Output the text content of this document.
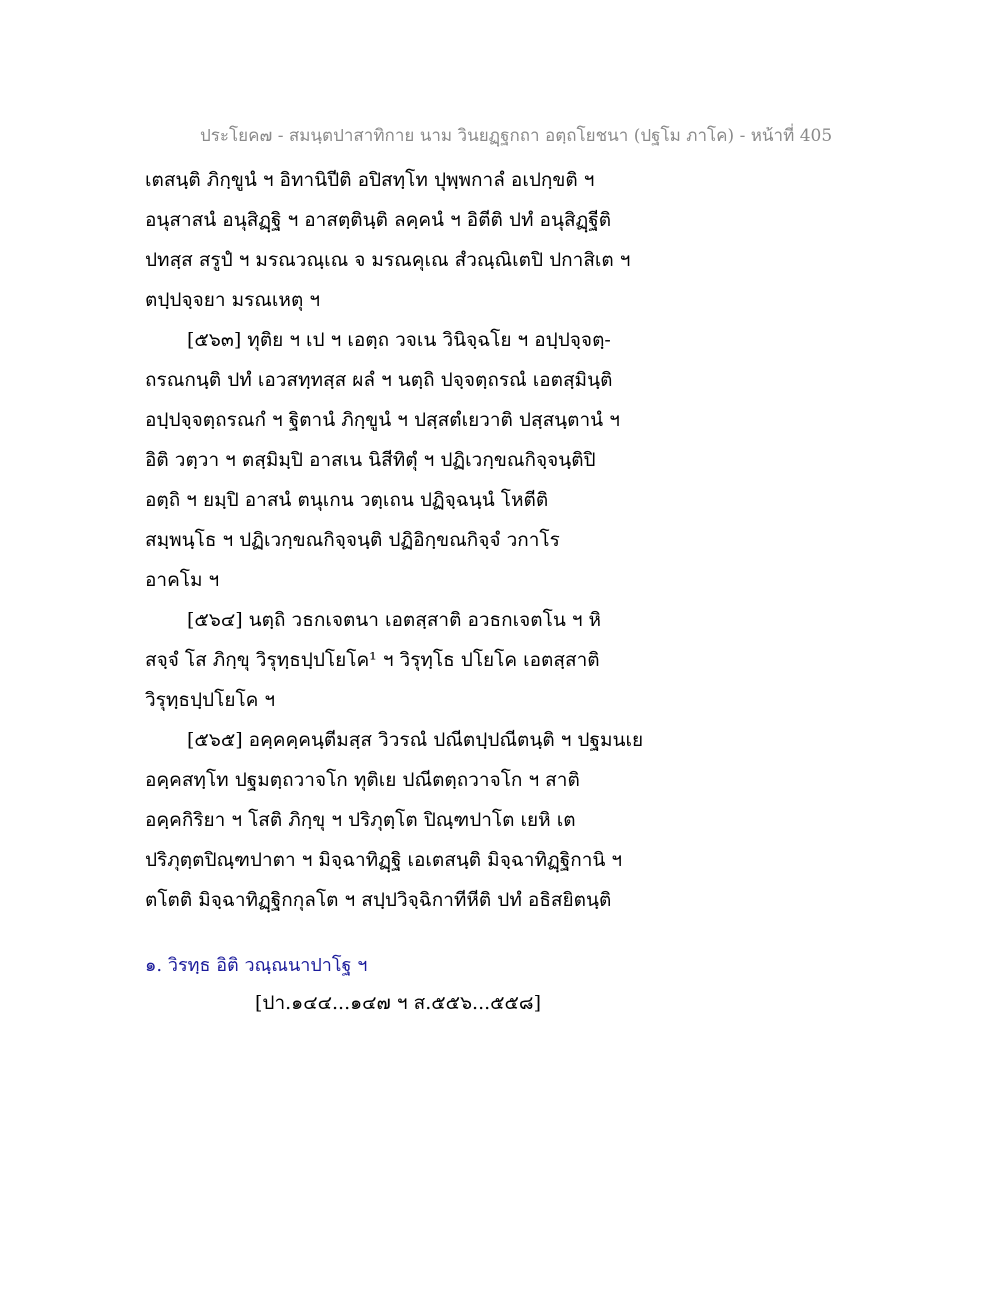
ประโยค๗ - สมนฺตปาสาทิกาย นาม วินยฏฺฐกถา อตฺถโยชนา (ปฐโม ภาโค) - หน้าที่ 405
เตสนฺติ ภิกฺขูนํ ฯ อิทานิปีติ อปิสทฺโท ปุพฺพกาลํ อเปกฺขติ ฯ
อนุสาสนํ อนุสิฏฺฐิ ฯ อาสตฺตินฺติ ลคฺคนํ ฯ อิตีติ ปทํ อนุสิฏฺฐีติ
ปทสฺส สรูปํ ฯ มรณวณฺเณ จ มรณคุเณ สํวณฺณิเตปิ ปกาสิเต ฯ
ตปฺปจฺจยา มรณเหตุ ฯ
[๕๖๓] ทุติย ฯ เป ฯ เอตฺถ วจเน วินิจฺฉโย ฯ อปฺปจฺจตฺ-
ถรณกนฺติ ปทํ เอวสทฺทสฺส ผลํ ฯ นตฺถิ ปจฺจตฺถรณํ เอตสฺมินฺติ
อปฺปจฺจตฺถรณกํ ฯ ฐิตานํ ภิกฺขูนํ ฯ ปสฺสตํเยวาติ ปสฺสนฺตานํ ฯ
อิติ วตฺวา ฯ ตสฺมิมฺปิ อาสเน นิสีทิตุํ ฯ ปฏิเวกฺขณกิจฺจนฺติปิ
อตฺถิ ฯ ยมฺปิ อาสนํ ตนุเกน วตฺเถน ปฏิจฺฉนฺนํ โหตีติ
สมฺพนฺโธ ฯ ปฏิเวกฺขณกิจฺจนฺติ ปฏิอิกฺขณกิจฺจํ วกาโร
อาคโม ฯ
[๕๖๔] นตฺถิ วธกเจตนา เอตสฺสาติ อวธกเจตโน ฯ หิ
สจฺจํ โส ภิกฺขุ วิรุทฺธปฺปโยโค¹ ฯ วิรุทฺโธ ปโยโค เอตสฺสาติ
วิรุทฺธปฺปโยโค ฯ
[๕๖๕] อคฺคคฺคนฺตีมสฺส วิวรณํ ปณีตปฺปณีตนฺติ ฯ ปฐมนเย
อคฺคสทฺโท ปฐมตฺถวาจโก ทุติเย ปณีตตฺถวาจโก ฯ สาติ
อคฺคกิริยา ฯ โสติ ภิกฺขุ ฯ ปริภุตฺโต ปิณฺฑปาโต เยหิ เต
ปริภุตฺตปิณฺฑปาตา ฯ มิจฺฉาทิฏฺฐิ เอเตสนฺติ มิจฺฉาทิฏฺฐิกานิ ฯ
ตโตติ มิจฺฉาทิฏฺฐิกกุลโต ฯ สปฺปวิจฺฉิกาทีหีติ ปทํ อธิสยิตนฺติ
๑. วิรทฺธ อิติ วณฺณนาปาโฐ ฯ
[ปา.๑๔๔...๑๔๗ ฯ ส.๕๕๖...๕๕๘]
